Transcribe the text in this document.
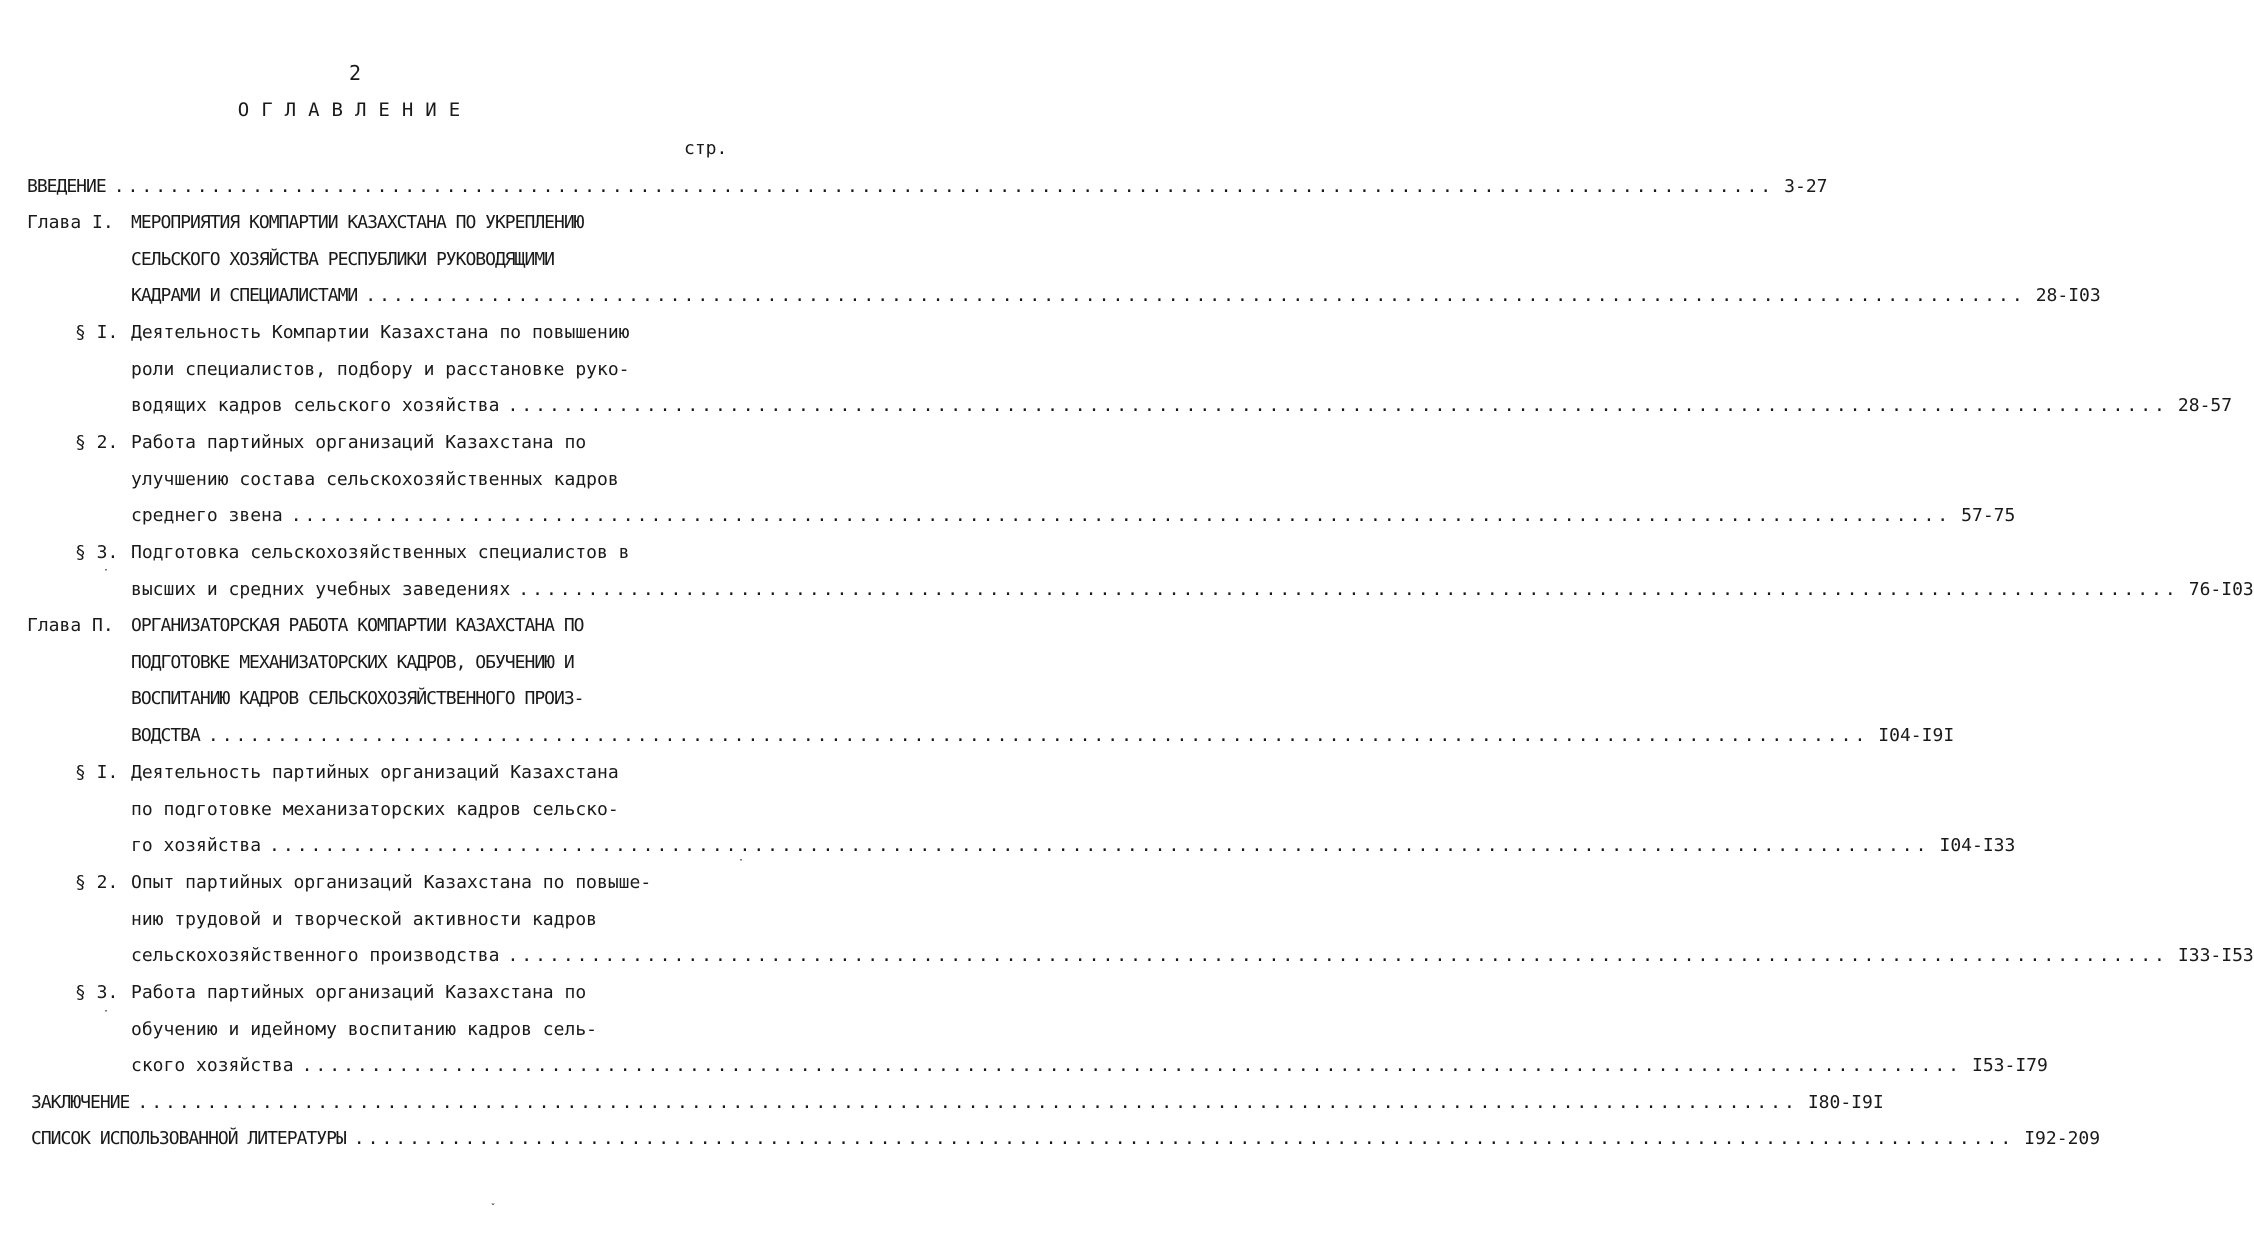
2
ОГЛАВЛЕНИЕ
стр.
ВВЕДЕНИЕ ........................................................................................................................ 3-27
Глава I. МЕРОПРИЯТИЯ КОМПАРТИИ КАЗАХСТАНА ПО УКРЕПЛЕНИЮ
СЕЛЬСКОГО ХОЗЯЙСТВА РЕСПУБЛИКИ РУКОВОДЯЩИМИ
КАДРАМИ И СПЕЦИАЛИСТАМИ ........................................................................................................................ 28-I03
§ I. Деятельность Компартии Казахстана по повышению
роли специалистов, подбору и расстановке руко-
водящих кадров сельского хозяйства ........................................................................................................................ 28-57
§ 2. Работа партийных организаций Казахстана по
улучшению состава сельскохозяйственных кадров
среднего звена ........................................................................................................................ 57-75
§ 3. Подготовка сельскохозяйственных специалистов в
высших и средних учебных заведениях ........................................................................................................................ 76-I03
Глава П. ОРГАНИЗАТОРСКАЯ РАБОТА КОМПАРТИИ КАЗАХСТАНА ПО
ПОДГОТОВКЕ МЕХАНИЗАТОРСКИХ КАДРОВ, ОБУЧЕНИЮ И
ВОСПИТАНИЮ КАДРОВ СЕЛЬСКОХОЗЯЙСТВЕННОГО ПРОИЗ-
ВОДСТВА ........................................................................................................................ I04-I9I
§ I. Деятельность партийных организаций Казахстана
по подготовке механизаторских кадров сельско-
го хозяйства ........................................................................................................................ I04-I33
§ 2. Опыт партийных организаций Казахстана по повыше-
нию трудовой и творческой активности кадров
сельскохозяйственного производства ........................................................................................................................ I33-I53
§ 3. Работа партийных организаций Казахстана по
обучению и идейному воспитанию кадров сель-
ского хозяйства ........................................................................................................................ I53-I79
ЗАКЛЮЧЕНИЕ ........................................................................................................................ I80-I9I
СПИСОК ИСПОЛЬЗОВАННОЙ ЛИТЕРАТУРЫ ........................................................................................................................ I92-209
·
·
·
ˇ
